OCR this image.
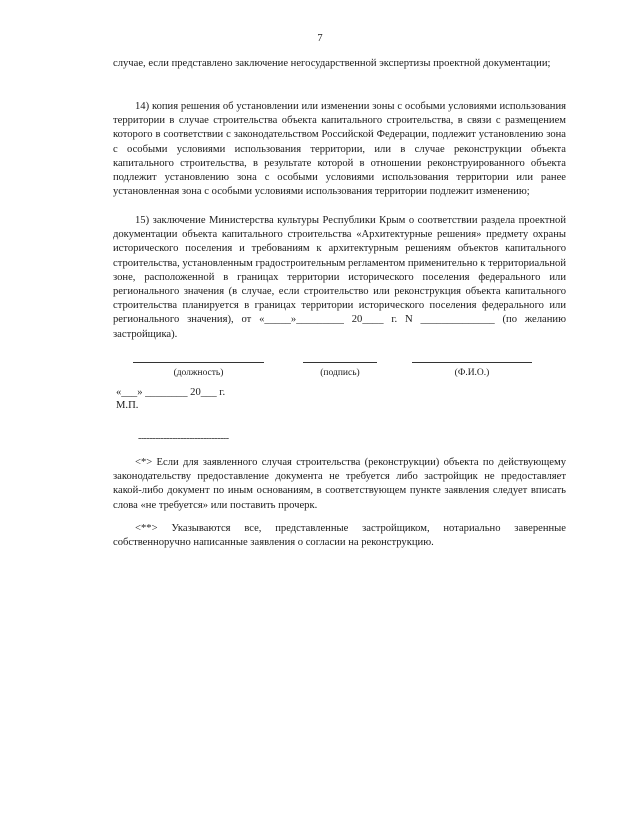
7
случае, если представлено заключение негосударственной экспертизы проектной документации;
14) копия решения об установлении или изменении зоны с особыми условиями использования территории в случае строительства объекта капитального строительства, в связи с размещением которого в соответствии с законодательством Российской Федерации, подлежит установлению зона с особыми условиями использования территории, или в случае реконструкции объекта капитального строительства, в результате которой в отношении реконструированного объекта подлежит установлению зона с особыми условиями использования территории или ранее установленная зона с особыми условиями использования территории подлежит изменению;
15) заключение Министерства культуры Республики Крым о соответствии раздела проектной документации объекта капитального строительства «Архитектурные решения» предмету охраны исторического поселения и требованиям к архитектурным решениям объектов капитального строительства, установленным градостроительным регламентом применительно к территориальной зоне, расположенной в границах территории исторического поселения федерального или регионального значения (в случае, если строительство или реконструкция объекта капитального строительства планируется в границах территории исторического поселения федерального или регионального значения), от «_____»_________ 20____ г. N ______________ (по желанию застройщика).
(должность)	(подпись)	(Ф.И.О.)
«___» ________ 20___ г.
М.П.
--------------------------------
<*> Если для заявленного случая строительства (реконструкции) объекта по действующему законодательству предоставление документа не требуется либо застройщик не предоставляет какой-либо документ по иным основаниям, в соответствующем пункте заявления следует вписать слова «не требуется» или поставить прочерк.
<**> Указываются все, представленные застройщиком, нотариально заверенные собственноручно написанные заявления о согласии на реконструкцию.
